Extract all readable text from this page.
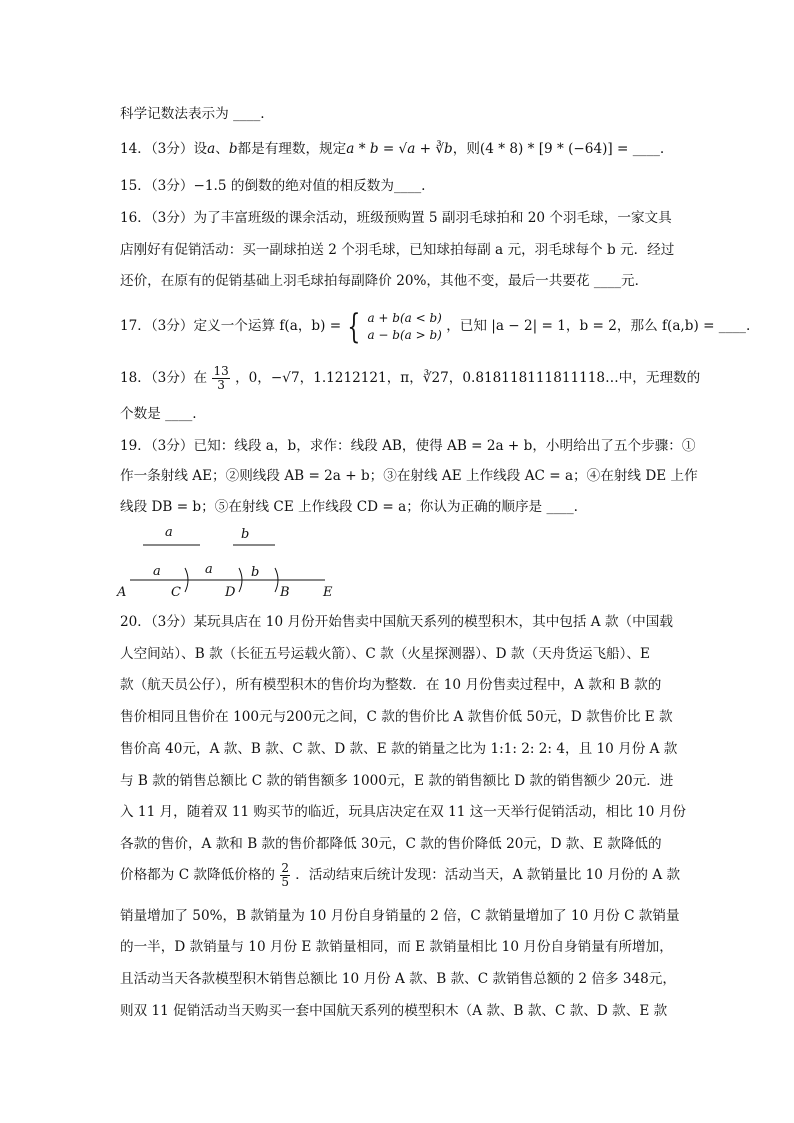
科学记数法表示为 ____.
14．（3分）设a、b都是有理数，规定a * b = √a + ∛b，则(4 * 8) * [9 * (−64)] = ____.
15．（3分）−1.5 的倒数的绝对值的相反数为____.
16．（3分）为了丰富班级的课余活动，班级预购置 5 副羽毛球拍和 20 个羽毛球，一家文具
店刚好有促销活动：买一副球拍送 2 个羽毛球，已知球拍每副 a 元，羽毛球每个 b 元．经过
还价，在原有的促销基础上羽毛球拍每副降价 20%，其他不变，最后一共要花 ____元．
17．（3分）定义一个运算 f(a，b) = { a + b(a < b)
a − b(a > b)
，已知 |a − 2| = 1，b = 2，那么 f(a,b) = ____.
18．（3分）在 $\frac{13}{3}$ ，0，−√7，1.1212121，π，∛27，0.818118111811118…中，无理数的
个数是 ____.
19．（3分）已知：线段 a，b，求作：线段 AB，使得 AB = 2a + b，小明给出了五个步骤：①
作一条射线 AE；②则线段 AB = 2a + b；③在射线 AE 上作线段 AC = a；④在射线 DE 上作
线段 DB = b；⑤在射线 CE 上作线段 CD = a；你认为正确的顺序是 ____.
a	b
a	a	b
A	C	D	B	E
20．（3分）某玩具店在 10 月份开始售卖中国航天系列的模型积木，其中包括 A 款（中国载
人空间站）、B 款（长征五号运载火箭）、C 款（火星探测器）、D 款（天舟货运飞船）、E
款（航天员公仔），所有模型积木的售价均为整数．在 10 月份售卖过程中，A 款和 B 款的
售价相同且售价在 100元与200元之间，C 款的售价比 A 款售价低 50元，D 款售价比 E 款
售价高 40元，A 款、B 款、C 款、D 款、E 款的销量之比为 1:1: 2: 2: 4，且 10 月份 A 款
与 B 款的销售总额比 C 款的销售额多 1000元，E 款的销售额比 D 款的销售额少 20元．进
入 11 月，随着双 11 购买节的临近，玩具店决定在双 11 这一天举行促销活动，相比 10 月份
各款的售价，A 款和 B 款的售价都降低 30元，C 款的售价降低 20元，D 款、E 款降低的
价格都为 C 款降低价格的 $\frac{2}{5}$ ．活动结束后统计发现：活动当天，A 款销量比 10 月份的 A 款
销量增加了 50%，B 款销量为 10 月份自身销量的 2 倍，C 款销量增加了 10 月份 C 款销量
的一半，D 款销量与 10 月份 E 款销量相同，而 E 款销量相比 10 月份自身销量有所增加，
且活动当天各款模型积木销售总额比 10 月份 A 款、B 款、C 款销售总额的 2 倍多 348元，
则双 11 促销活动当天购买一套中国航天系列的模型积木（A 款、B 款、C 款、D 款、E 款
